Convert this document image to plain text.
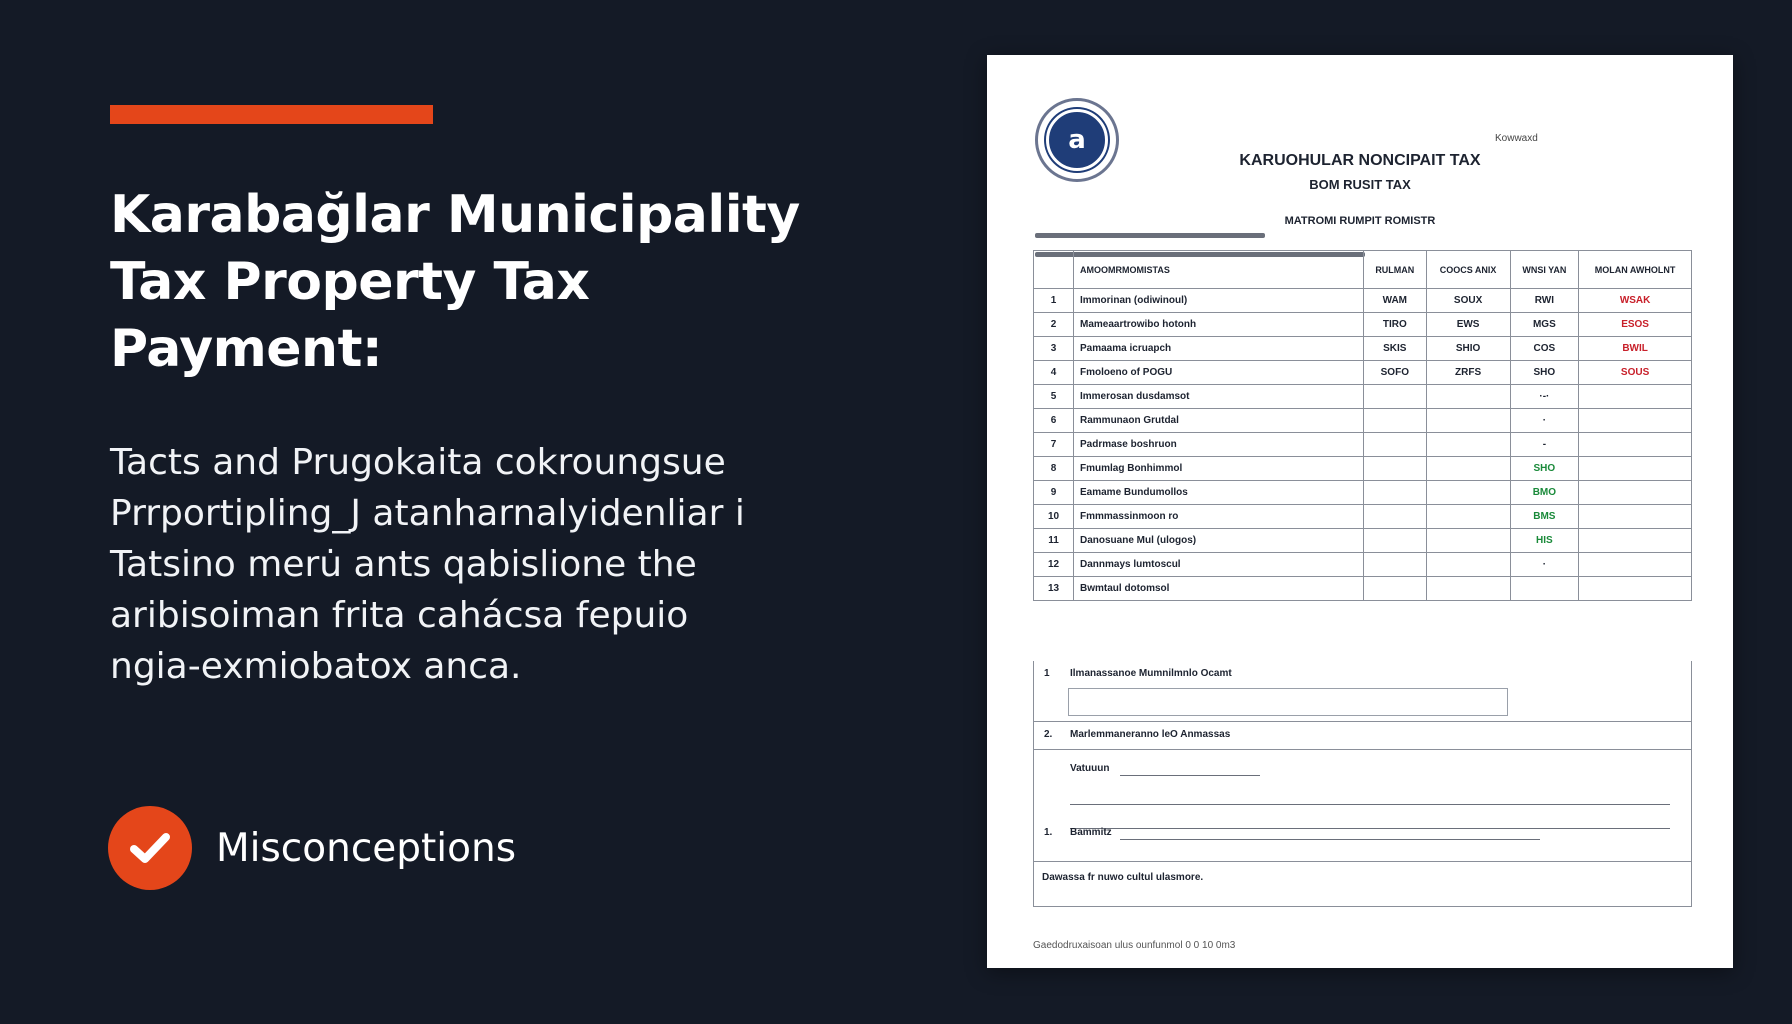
Karabağlar Municipality
Tax Property Tax
Payment:

Tacts and Prugokaita cokroungsue
Prrportipling_J atanharnalyidenliar i
Tatsino meru̇ ants qabislione the
aribisoiman frita cahácsa fepuio
ngia-exmiobatox anca.

Misconceptions
a	Kowwaxd
KARUOHULAR NONCIPAIT TAX
BOM RUSIT TAX
MATROMI RUMPIT ROMISTR
	AMOOMRMOMISTAS	RULMAN	COOCS ANIX	WNSI YAN	MOLAN AWHOLNT
1	Immorinan (odiwinoul)	WAM	SOUX	RWI	WSAK
2	Mameaartrowibo hotonh	TIRO	EWS	MGS	ESOS
3	Pamaama icruapch	SKIS	SHIO	COS	BWIL
4	Fmoloeno of POGU	SOFO	ZRFS	SHO	SOUS
5	Immerosan dusdamsot			·-·	
6	Rammunaon Grutdal			·	
7	Padrmase boshruon			-	
8	Fmumlag Bonhimmol			SHO	
9	Eamame Bundumollos			BMO	
10	Fmmmassinmoon ro			BMS	
11	Danosuane Mul (ulogos)			HIS	
12	Dannmays lumtoscul			·	
13	Bwmtaul dotomsol				
1 Ilmanassanoe Mumnilmnlo Ocamt
2. Marlemmaneranno leO Anmassas
Vatuuun
1. Bammitz
Dawassa fr nuwo cultul ulasmore.
Gaedodruxaisoan ulus ounfunmol 0 0 10 0m3
